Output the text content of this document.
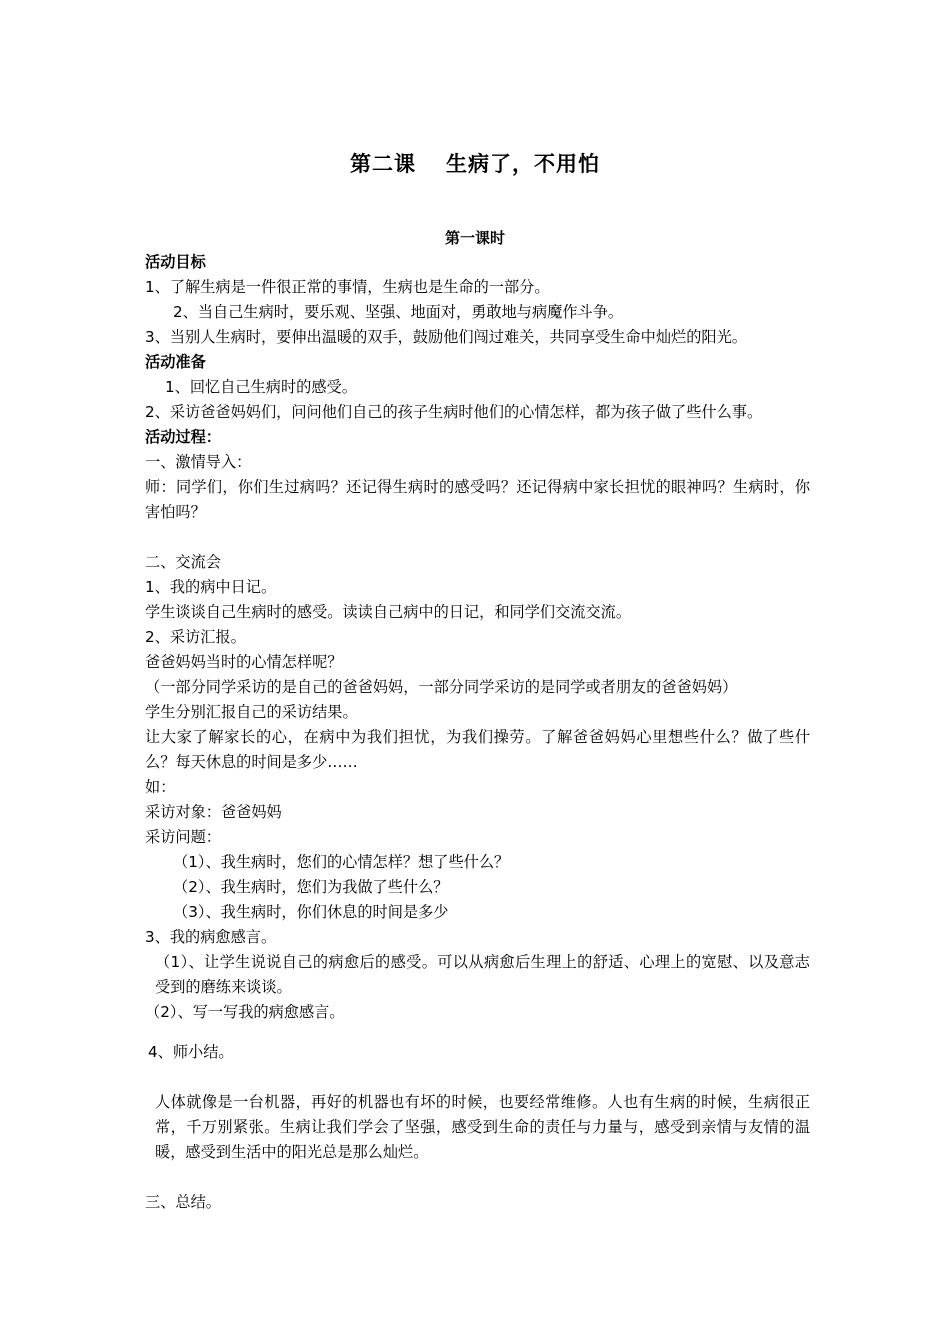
第二课 生病了，不用怕
第一课时

活动目标

1、了解生病是一件很正常的事情，生病也是生命的一部分。

2、当自己生病时，要乐观、坚强、地面对，勇敢地与病魔作斗争。

3、当别人生病时，要伸出温暖的双手，鼓励他们闯过难关，共同享受生命中灿烂的阳光。

活动准备

1、回忆自己生病时的感受。

2、采访爸爸妈妈们，问问他们自己的孩子生病时他们的心情怎样，都为孩子做了些什么事。

活动过程：

一、激情导入：

师：同学们，你们生过病吗？还记得生病时的感受吗？还记得病中家长担忧的眼神吗？生病时，你害怕吗？

二、交流会

1、我的病中日记。

学生谈谈自己生病时的感受。读读自己病中的日记，和同学们交流交流。

2、采访汇报。

爸爸妈妈当时的心情怎样呢？

（一部分同学采访的是自己的爸爸妈妈，一部分同学采访的是同学或者朋友的爸爸妈妈）

学生分别汇报自己的采访结果。

让大家了解家长的心，在病中为我们担忧，为我们操劳。了解爸爸妈妈心里想些什么？做了些什么？每天休息的时间是多少……

如：

采访对象：爸爸妈妈

采访问题：

（1）、我生病时，您们的心情怎样？想了些什么？

（2）、我生病时，您们为我做了些什么？

（3）、我生病时，你们休息的时间是多少

3、我的病愈感言。

（1）、让学生说说自己的病愈后的感受。可以从病愈后生理上的舒适、心理上的宽慰、以及意志受到的磨练来谈谈。

（2）、写一写我的病愈感言。

4、师小结。

人体就像是一台机器，再好的机器也有坏的时候，也要经常维修。人也有生病的时候，生病很正常，千万别紧张。生病让我们学会了坚强，感受到生命的责任与力量与，感受到亲情与友情的温暖，感受到生活中的阳光总是那么灿烂。

三、总结。
